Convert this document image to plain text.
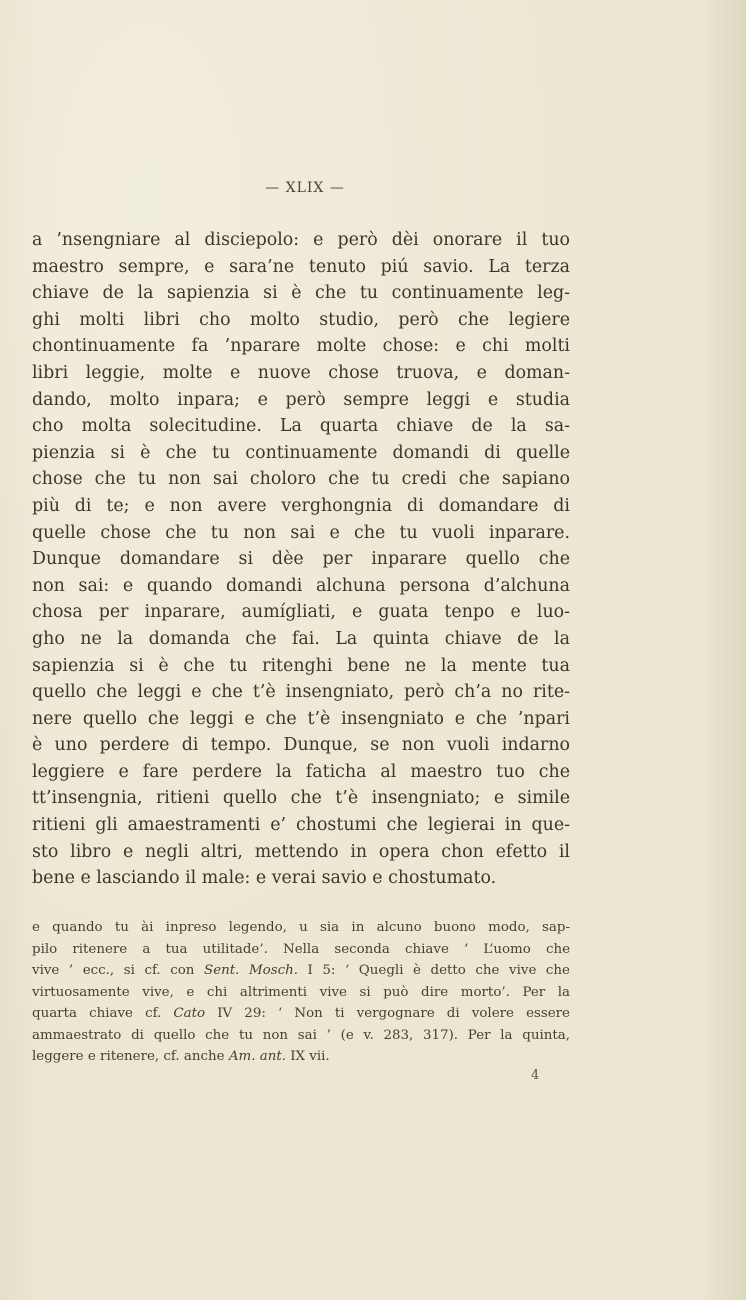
— XLIX —
a ’nsengniare al disciepolo: e però dèi onorare il tuo
maestro sempre, e sara’ne tenuto piú savio. La terza
chiave de la sapienzia si è che tu continuamente leg-
ghi molti libri cho molto studio, però che legiere
chontinuamente fa ’nparare molte chose: e chi molti
libri leggie, molte e nuove chose truova, e doman-
dando, molto inpara; e però sempre leggi e studia
cho molta solecitudine. La quarta chiave de la sa-
pienzia si è che tu continuamente domandi di quelle
chose che tu non sai choloro che tu credi che sapiano
più di te; e non avere verghongnia di domandare di
quelle chose che tu non sai e che tu vuoli inparare.
Dunque domandare si dèe per inparare quello che
non sai: e quando domandi alchuna persona d’alchuna
chosa per inparare, aumígliati, e guata tenpo e luo-
gho ne la domanda che fai. La quinta chiave de la
sapienzia si è che tu ritenghi bene ne la mente tua
quello che leggi e che t’è insengniato, però ch’a no rite-
nere quello che leggi e che t’è insengniato e che ’npari
è uno perdere di tempo. Dunque, se non vuoli indarno
leggiere e fare perdere la faticha al maestro tuo che
tt’insengnia, ritieni quello che t’è insengniato; e simile
ritieni gli amaestramenti e’ chostumi che legierai in que-
sto libro e negli altri, mettendo in opera chon efetto il
bene e lasciando il male: e verai savio e chostumato.
e quando tu ài inpreso legendo, u sia in alcuno buono modo, sap-
pilo ritenere a tua utilitade’. Nella seconda chiave ‘ L’uomo che
vive ’ ecc., si cf. con Sent. Mosch. I 5: ‘ Quegli è detto che vive che
virtuosamente vive, e chi altrimenti vive si può dire morto’. Per la
quarta chiave cf. Cato IV 29: ‘ Non ti vergognare di volere essere
ammaestrato di quello che tu non sai ’ (e v. 283, 317). Per la quinta,
leggere e ritenere, cf. anche Am. ant. IX vii.
4
